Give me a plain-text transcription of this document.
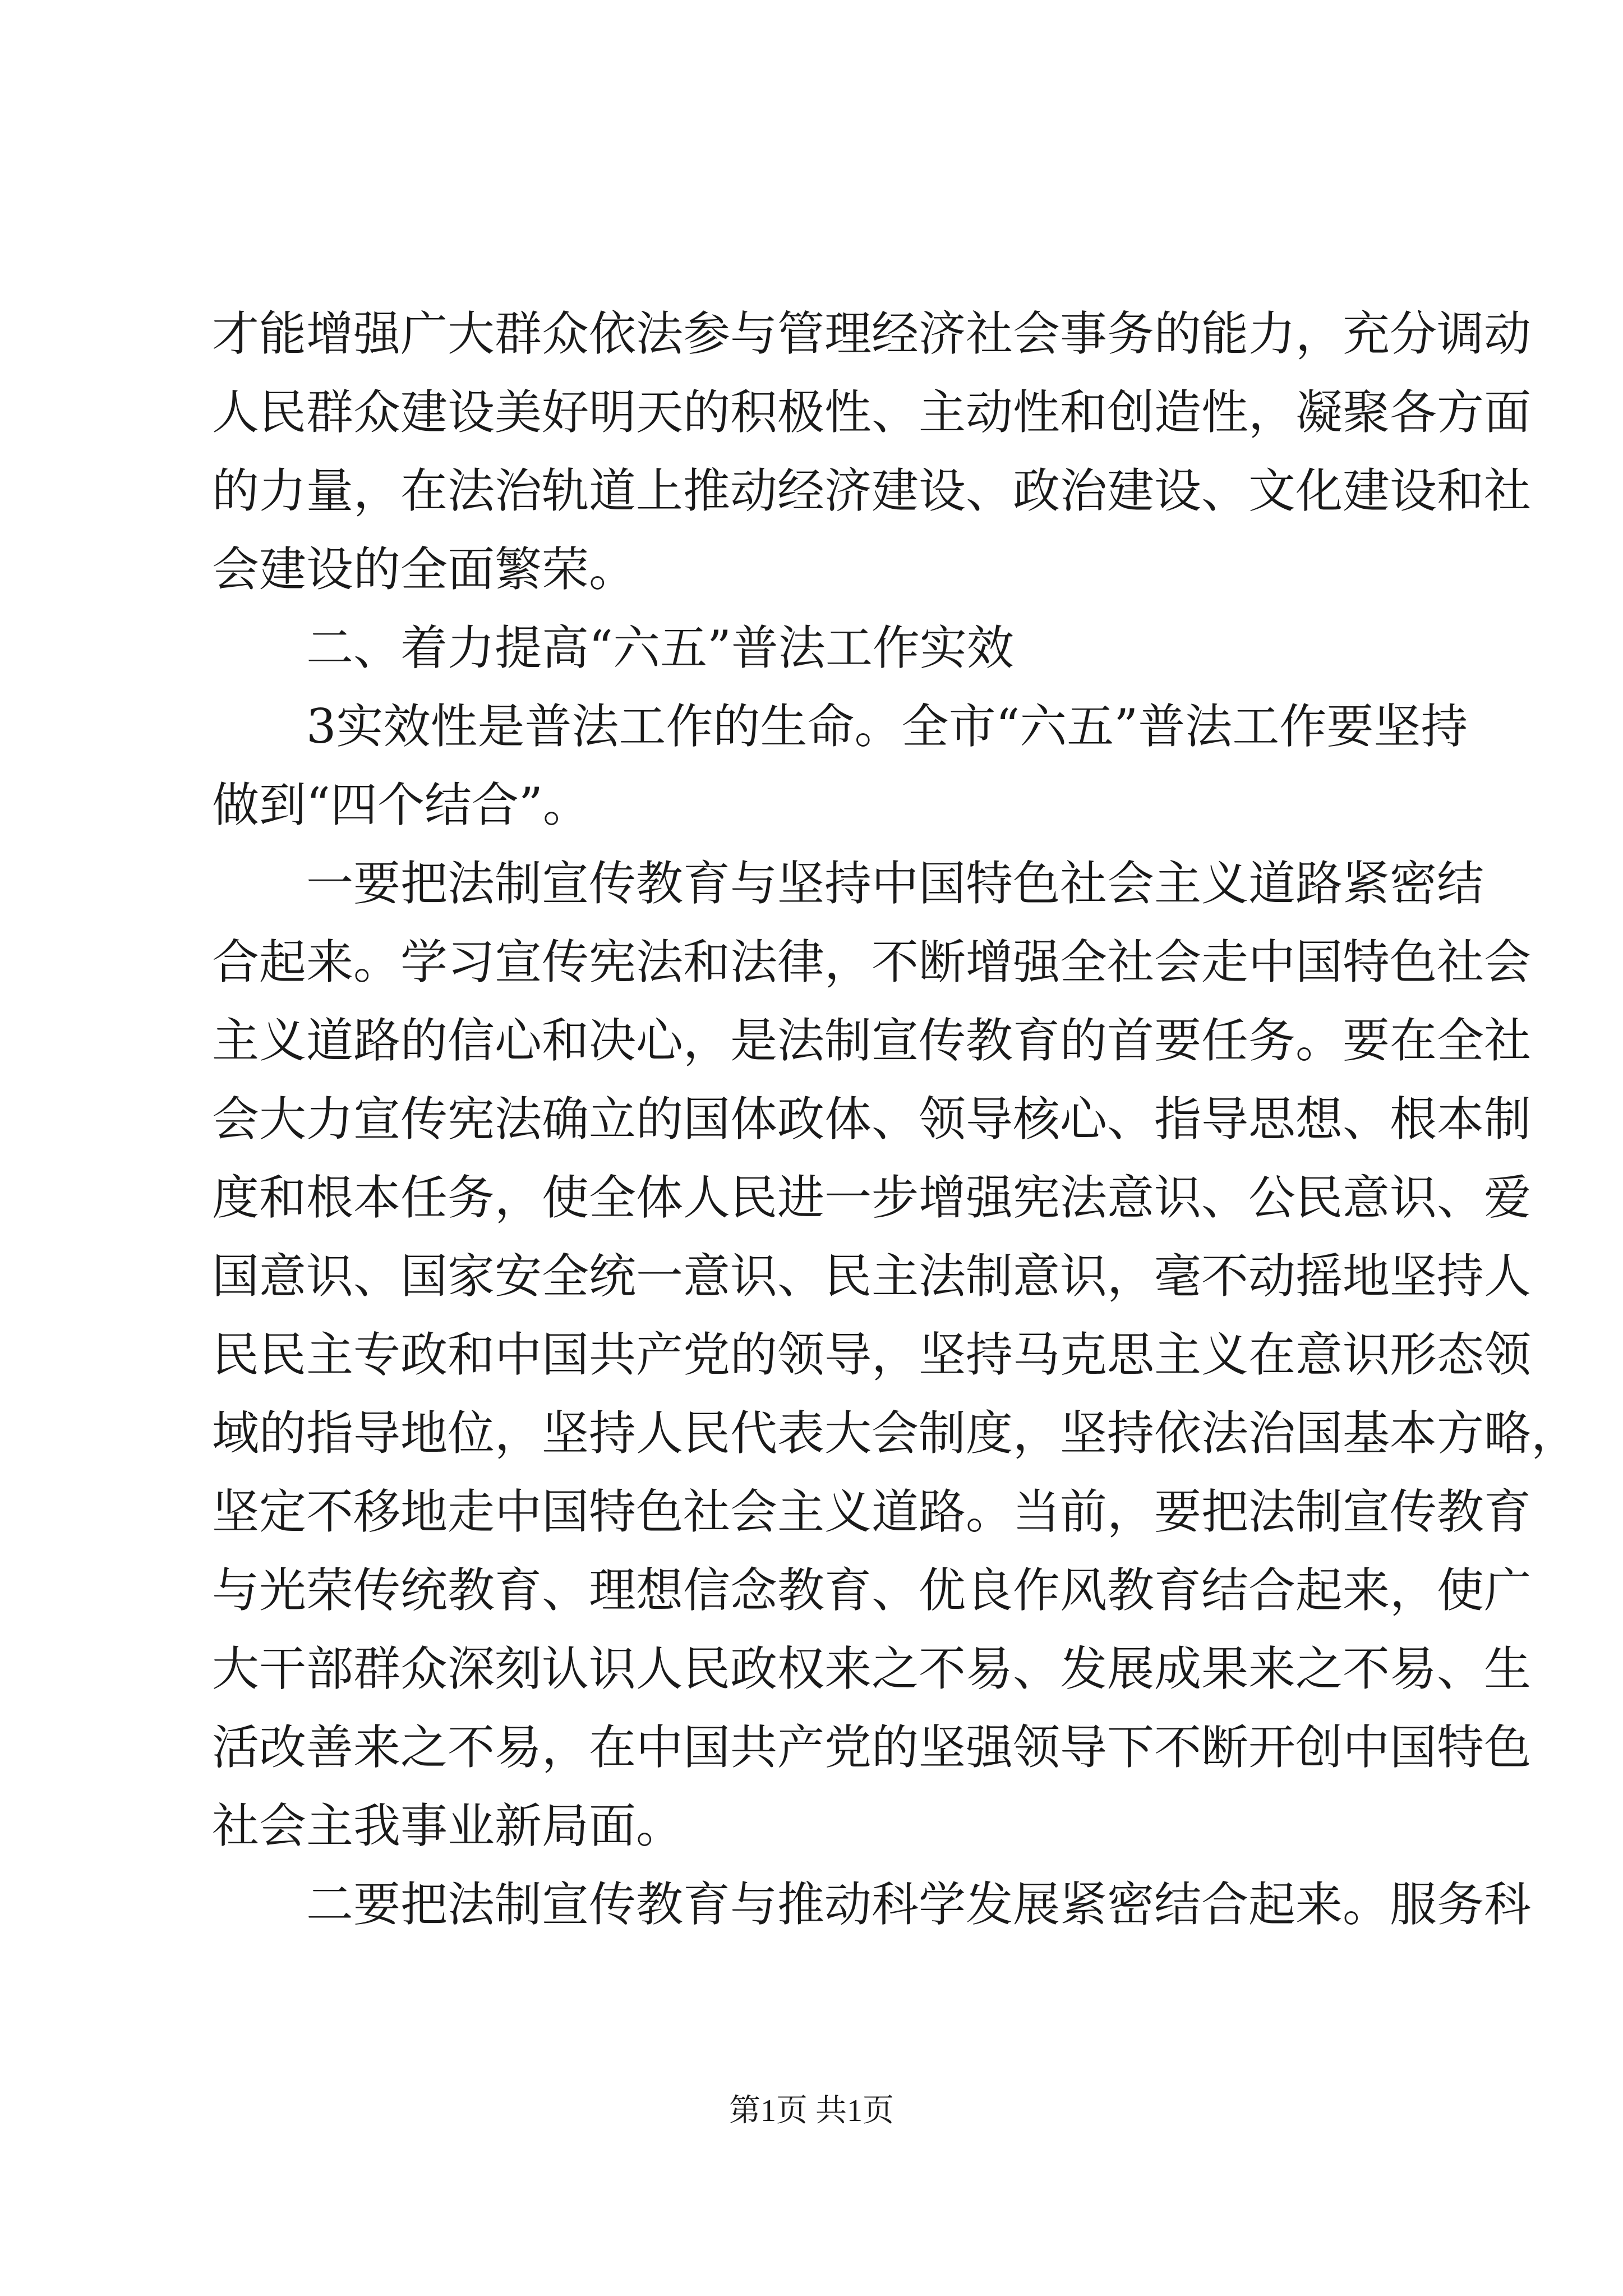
才能增强广大群众依法参与管理经济社会事务的能力，充分调动
人民群众建设美好明天的积极性、主动性和创造性，凝聚各方面
的力量，在法治轨道上推动经济建设、政治建设、文化建设和社
会建设的全面繁荣。
二、着力提高“六五”普法工作实效
3实效性是普法工作的生命。全市“六五”普法工作要坚持
做到“四个结合”。
一要把法制宣传教育与坚持中国特色社会主义道路紧密结
合起来。学习宣传宪法和法律，不断增强全社会走中国特色社会
主义道路的信心和决心，是法制宣传教育的首要任务。要在全社
会大力宣传宪法确立的国体政体、领导核心、指导思想、根本制
度和根本任务，使全体人民进一步增强宪法意识、公民意识、爱
国意识、国家安全统一意识、民主法制意识，毫不动摇地坚持人
民民主专政和中国共产党的领导，坚持马克思主义在意识形态领
域的指导地位，坚持人民代表大会制度，坚持依法治国基本方略，
坚定不移地走中国特色社会主义道路。当前，要把法制宣传教育
与光荣传统教育、理想信念教育、优良作风教育结合起来，使广
大干部群众深刻认识人民政权来之不易、发展成果来之不易、生
活改善来之不易，在中国共产党的坚强领导下不断开创中国特色
社会主我事业新局面。
二要把法制宣传教育与推动科学发展紧密结合起来。服务科
第1页 共1页
